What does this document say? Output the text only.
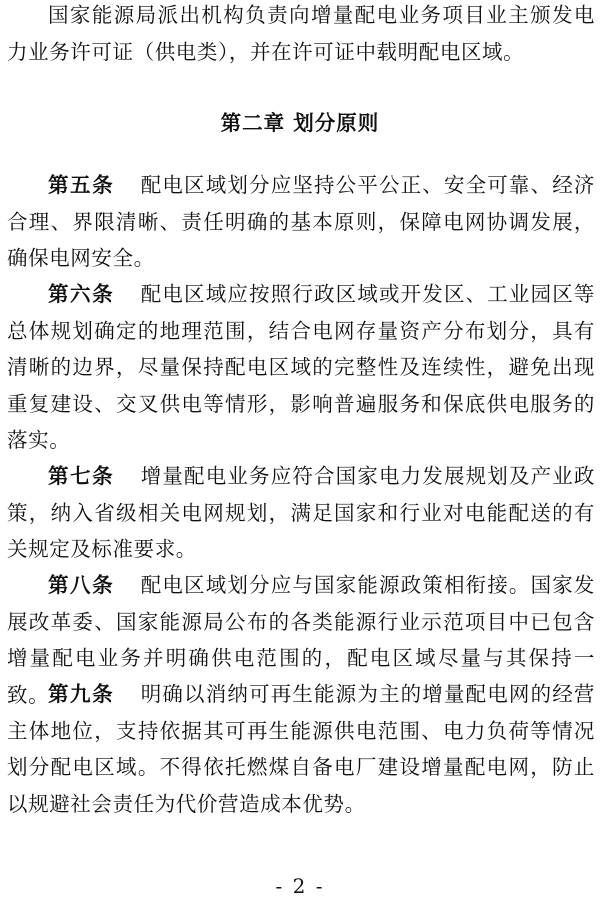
国家能源局派出机构负责向增量配电业务项目业主颁发电力业务许可证（供电类），并在许可证中载明配电区域。

第二章 划分原则

第五条 配电区域划分应坚持公平公正、安全可靠、经济合理、界限清晰、责任明确的基本原则，保障电网协调发展，确保电网安全。

第六条 配电区域应按照行政区域或开发区、工业园区等总体规划确定的地理范围，结合电网存量资产分布划分，具有清晰的边界，尽量保持配电区域的完整性及连续性，避免出现重复建设、交叉供电等情形，影响普遍服务和保底供电服务的落实。

第七条 增量配电业务应符合国家电力发展规划及产业政策，纳入省级相关电网规划，满足国家和行业对电能配送的有关规定及标准要求。

第八条 配电区域划分应与国家能源政策相衔接。国家发展改革委、国家能源局公布的各类能源行业示范项目中已包含增量配电业务并明确供电范围的，配电区域尽量与其保持一致。

第九条 明确以消纳可再生能源为主的增量配电网的经营主体地位，支持依据其可再生能源供电范围、电力负荷等情况划分配电区域。不得依托燃煤自备电厂建设增量配电网，防止以规避社会责任为代价营造成本优势。

- 2 -
